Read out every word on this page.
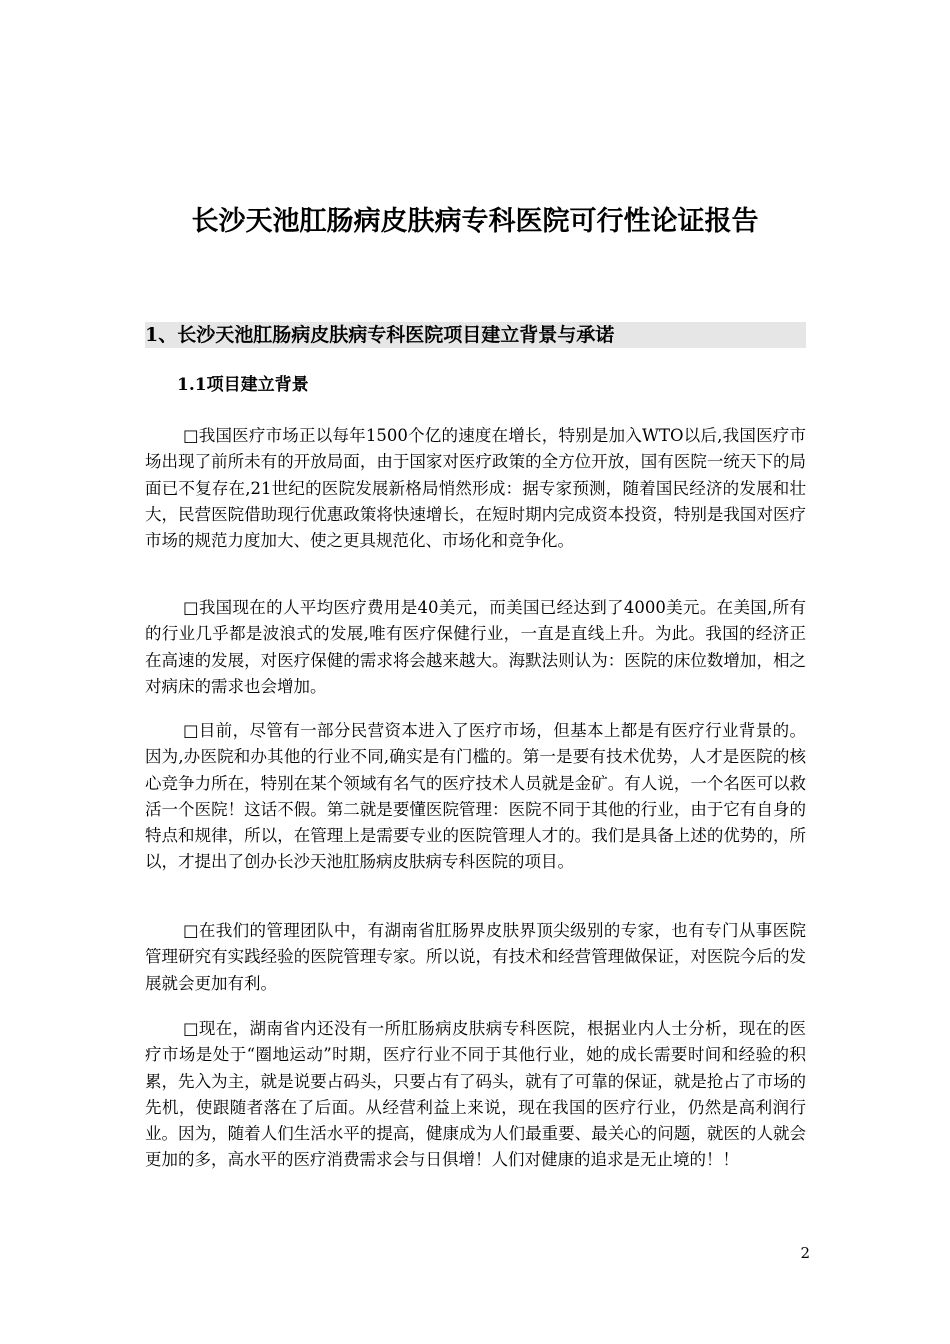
长沙天池肛肠病皮肤病专科医院可行性论证报告
1、长沙天池肛肠病皮肤病专科医院项目建立背景与承诺
1.1项目建立背景

□我国医疗市场正以每年1500个亿的速度在增长，特别是加入WTO以后,我国医疗市场出现了前所未有的开放局面，由于国家对医疗政策的全方位开放，国有医院一统天下的局面已不复存在,21世纪的医院发展新格局悄然形成：据专家预测，随着国民经济的发展和壮大，民营医院借助现行优惠政策将快速增长，在短时期内完成资本投资，特别是我国对医疗市场的规范力度加大、使之更具规范化、市场化和竞争化。

□我国现在的人平均医疗费用是40美元，而美国已经达到了4000美元。在美国,所有的行业几乎都是波浪式的发展,唯有医疗保健行业，一直是直线上升。为此。我国的经济正在高速的发展，对医疗保健的需求将会越来越大。海默法则认为：医院的床位数增加，相之对病床的需求也会增加。

□目前，尽管有一部分民营资本进入了医疗市场，但基本上都是有医疗行业背景的。因为,办医院和办其他的行业不同,确实是有门槛的。第一是要有技术优势，人才是医院的核心竞争力所在，特别在某个领域有名气的医疗技术人员就是金矿。有人说，一个名医可以救活一个医院！这话不假。第二就是要懂医院管理：医院不同于其他的行业，由于它有自身的特点和规律，所以，在管理上是需要专业的医院管理人才的。我们是具备上述的优势的，所以，才提出了创办长沙天池肛肠病皮肤病专科医院的项目。

□在我们的管理团队中，有湖南省肛肠界皮肤界顶尖级别的专家，也有专门从事医院管理研究有实践经验的医院管理专家。所以说，有技术和经营管理做保证，对医院今后的发展就会更加有利。

□现在，湖南省内还没有一所肛肠病皮肤病专科医院，根据业内人士分析，现在的医疗市场是处于“圈地运动”时期，医疗行业不同于其他行业，她的成长需要时间和经验的积累，先入为主，就是说要占码头，只要占有了码头，就有了可靠的保证，就是抢占了市场的先机，使跟随者落在了后面。从经营利益上来说，现在我国的医疗行业，仍然是高利润行业。因为，随着人们生活水平的提高，健康成为人们最重要、最关心的问题，就医的人就会更加的多，高水平的医疗消费需求会与日俱增！人们对健康的追求是无止境的！！

2
